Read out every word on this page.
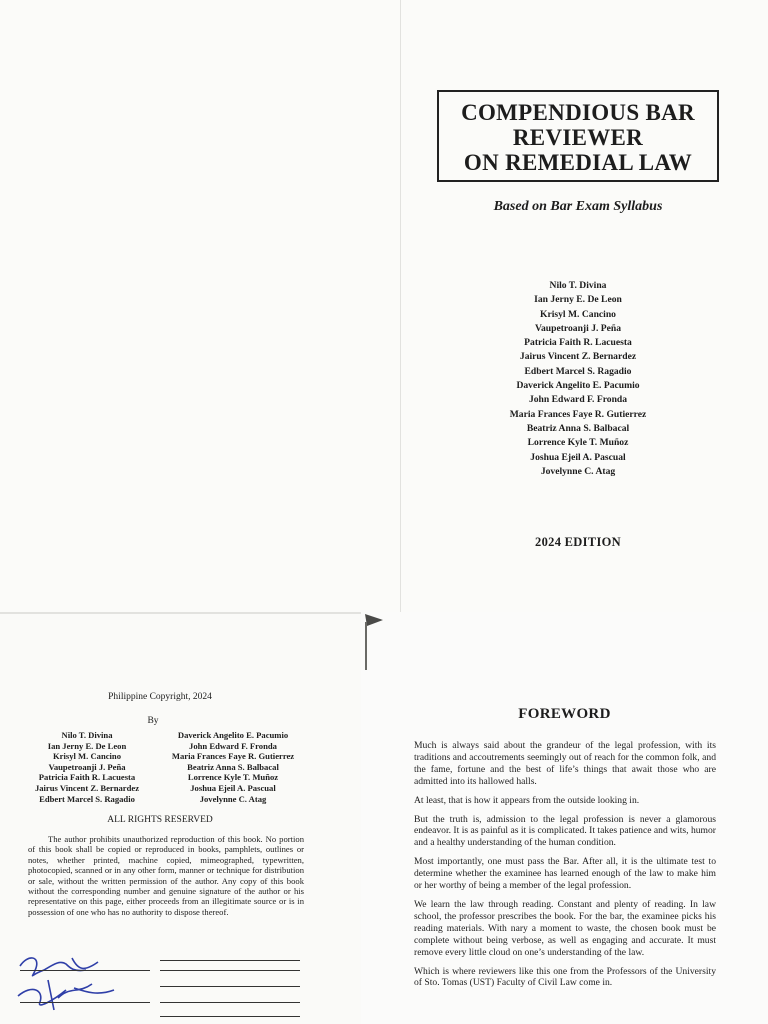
COMPENDIOUS BAR
REVIEWER
ON REMEDIAL LAW
Based on Bar Exam Syllabus
Nilo T. Divina
Ian Jerny E. De Leon
Krisyl M. Cancino
Vaupetroanji J. Peña
Patricia Faith R. Lacuesta
Jairus Vincent Z. Bernardez
Edbert Marcel S. Ragadio
Daverick Angelito E. Pacumio
John Edward F. Fronda
Maria Frances Faye R. Gutierrez
Beatriz Anna S. Balbacal
Lorrence Kyle T. Muñoz
Joshua Ejeil A. Pascual
Jovelynne C. Atag
2024 EDITION
Philippine Copyright, 2024
By
Nilo T. Divina
Ian Jerny E. De Leon
Krisyl M. Cancino
Vaupetroanji J. Peña
Patricia Faith R. Lacuesta
Jairus Vincent Z. Bernardez
Edbert Marcel S. Ragadio
Daverick Angelito E. Pacumio
John Edward F. Fronda
Maria Frances Faye R. Gutierrez
Beatriz Anna S. Balbacal
Lorrence Kyle T. Muñoz
Joshua Ejeil A. Pascual
Jovelynne C. Atag
ALL RIGHTS RESERVED
The author prohibits unauthorized reproduction of this book. No portion of this book shall be copied or reproduced in books, pamphlets, outlines or notes, whether printed, machine copied, mimeographed, typewritten, photocopied, scanned or in any other form, manner or technique for distribution or sale, without the written permission of the author. Any copy of this book without the corresponding number and genuine signature of the author or his representative on this page, either proceeds from an illegitimate source or is in possession of one who has no authority to dispose thereof.
FOREWORD

Much is always said about the grandeur of the legal profession, with its traditions and accoutrements seemingly out of reach for the common folk, and the fame, fortune and the best of life’s things that await those who are admitted into its hallowed halls.

At least, that is how it appears from the outside looking in.

But the truth is, admission to the legal profession is never a glamorous endeavor. It is as painful as it is complicated. It takes patience and wits, humor and a healthy understanding of the human condition.

Most importantly, one must pass the Bar. After all, it is the ultimate test to determine whether the examinee has learned enough of the law to make him or her worthy of being a member of the legal profession.

We learn the law through reading. Constant and plenty of reading. In law school, the professor prescribes the book. For the bar, the examinee picks his reading materials. With nary a moment to waste, the chosen book must be complete without being verbose, as well as engaging and accurate. It must remove every little cloud on one’s understanding of the law.

Which is where reviewers like this one from the Professors of the University of Sto. Tomas (UST) Faculty of Civil Law come in.
